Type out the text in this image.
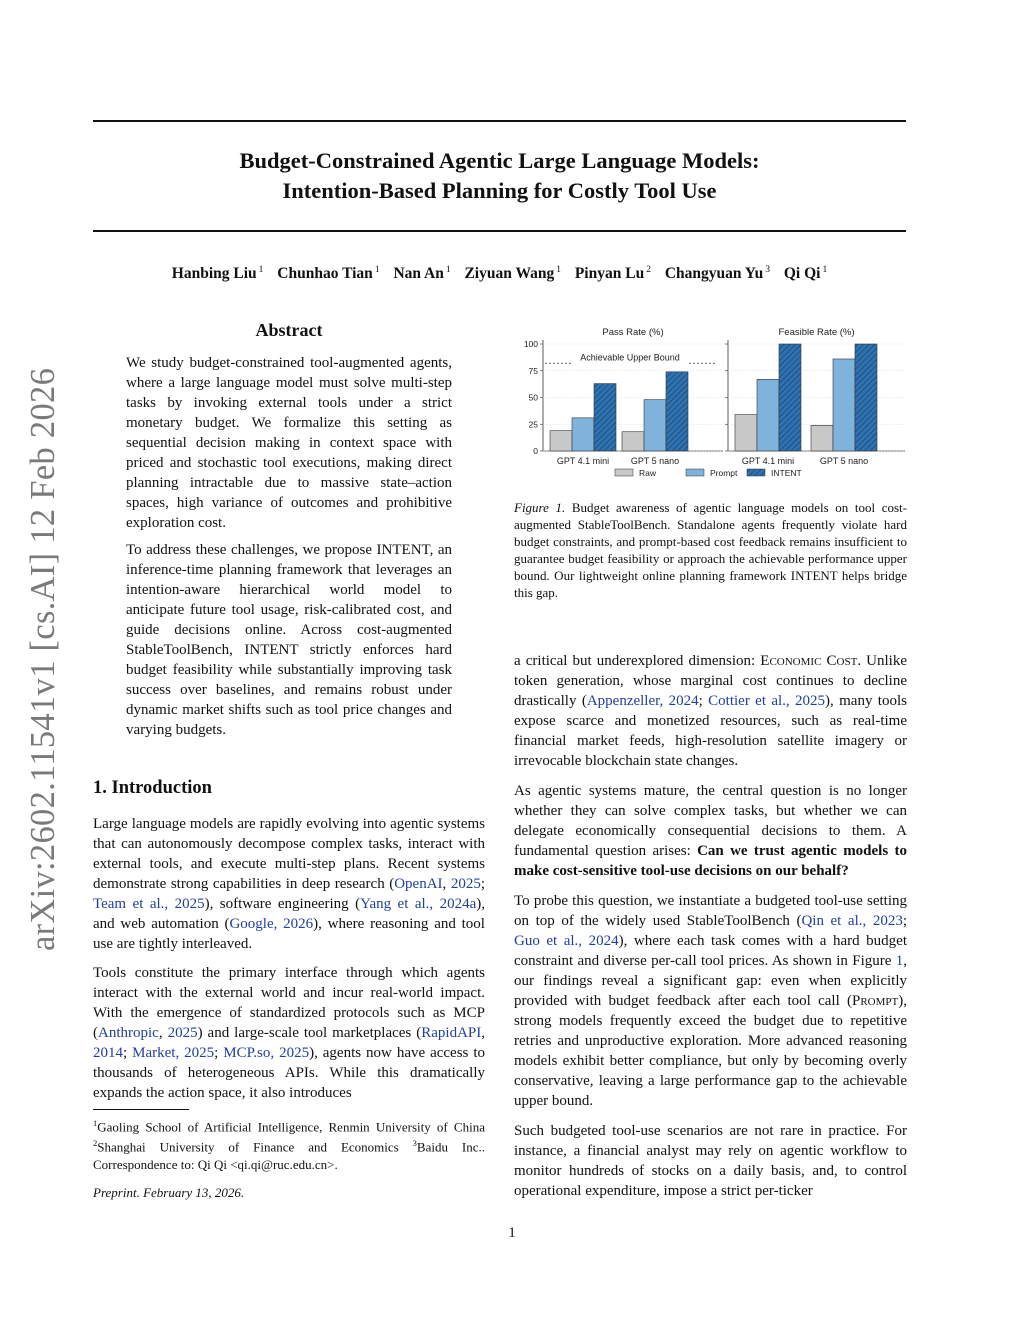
arXiv:2602.11541v1 [cs.AI] 12 Feb 2026
Budget-Constrained Agentic Large Language Models:
Intention-Based Planning for Costly Tool Use
Hanbing Liu $^1$ Chunhao Tian $^1$ Nan An $^1$ Ziyuan Wang $^1$ Pinyan Lu $^2$ Changyuan Yu $^3$ Qi Qi $^1$
Abstract

We study budget-constrained tool-augmented agents, where a large language model must solve multi-step tasks by invoking external tools under a strict monetary budget. We formalize this setting as sequential decision making in context space with priced and stochastic tool executions, making direct planning intractable due to massive state–action spaces, high variance of outcomes and prohibitive exploration cost.

To address these challenges, we propose INTENT, an inference-time planning framework that leverages an intention-aware hierarchical world model to anticipate future tool usage, risk-calibrated cost, and guide decisions online. Across cost-augmented StableToolBench, INTENT strictly enforces hard budget feasibility while substantially improving task success over baselines, and remains robust under dynamic market shifts such as tool price changes and varying budgets.

1. Introduction

Large language models are rapidly evolving into agentic systems that can autonomously decompose complex tasks, interact with external tools, and execute multi-step plans. Recent systems demonstrate strong capabilities in deep research (OpenAI, 2025; Team et al., 2025), software engineering (Yang et al., 2024a), and web automation (Google, 2026), where reasoning and tool use are tightly interleaved.

Tools constitute the primary interface through which agents interact with the external world and incur real-world impact. With the emergence of standardized protocols such as MCP (Anthropic, 2025) and large-scale tool marketplaces (RapidAPI, 2014; Market, 2025; MCP.so, 2025), agents now have access to thousands of heterogeneous APIs. While this dramatically expands the action space, it also introduces

$^1$Gaoling School of Artificial Intelligence, Renmin University of China $^2$Shanghai University of Finance and Economics $^3$Baidu Inc.. Correspondence to: Qi Qi <qi.qi@ruc.edu.cn>.

Preprint. February 13, 2026.
Pass Rate (%)
0
25
50
75
100
GPT 4.1 mini GPT 5 nano
Achievable Upper Bound
Feasible Rate (%)
GPT 4.1 mini	GPT 5 nano
Raw	Prompt	INTENT

Figure 1. Budget awareness of agentic language models on tool cost-augmented StableToolBench. Standalone agents frequently violate hard budget constraints, and prompt-based cost feedback remains insufficient to guarantee budget feasibility or approach the achievable performance upper bound. Our lightweight online planning framework INTENT helps bridge this gap.

a critical but underexplored dimension: Economic Cost. Unlike token generation, whose marginal cost continues to decline drastically (Appenzeller, 2024; Cottier et al., 2025), many tools expose scarce and monetized resources, such as real-time financial market feeds, high-resolution satellite imagery or irrevocable blockchain state changes.

As agentic systems mature, the central question is no longer whether they can solve complex tasks, but whether we can delegate economically consequential decisions to them. A fundamental question arises: Can we trust agentic models to make cost-sensitive tool-use decisions on our behalf?

To probe this question, we instantiate a budgeted tool-use setting on top of the widely used StableToolBench (Qin et al., 2023; Guo et al., 2024), where each task comes with a hard budget constraint and diverse per-call tool prices. As shown in Figure 1, our findings reveal a significant gap: even when explicitly provided with budget feedback after each tool call (Prompt), strong models frequently exceed the budget due to repetitive retries and unproductive exploration. More advanced reasoning models exhibit better compliance, but only by becoming overly conservative, leaving a large performance gap to the achievable upper bound.

Such budgeted tool-use scenarios are not rare in practice. For instance, a financial analyst may rely on agentic workflow to monitor hundreds of stocks on a daily basis, and, to control operational expenditure, impose a strict per-ticker

1
